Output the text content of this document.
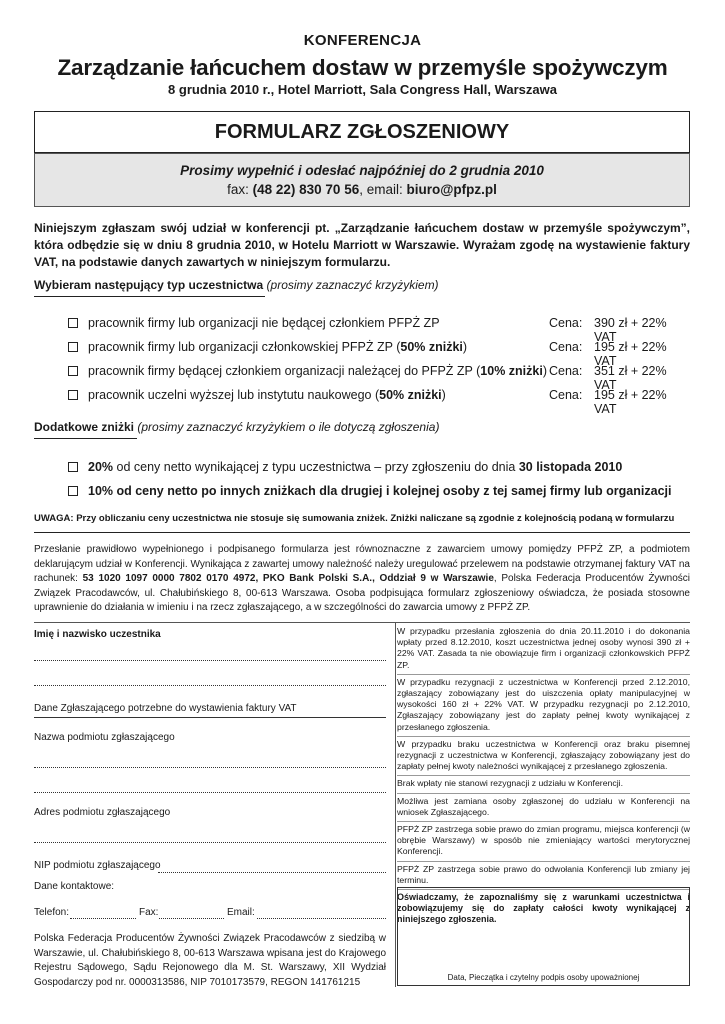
KONFERENCJA
Zarządzanie łańcuchem dostaw w przemyśle spożywczym
8 grudnia 2010 r., Hotel Marriott, Sala Congress Hall, Warszawa
FORMULARZ ZGŁOSZENIOWY
Prosimy wypełnić i odesłać najpóźniej do 2 grudnia 2010
fax: (48 22) 830 70 56, email: biuro@pfpz.pl
Niniejszym zgłaszam swój udział w konferencji pt. „Zarządzanie łańcuchem dostaw w przemyśle spożywczym”, która odbędzie się w dniu 8 grudnia 2010, w Hotelu Marriott w Warszawie. Wyrażam zgodę na wystawienie faktury VAT, na podstawie danych zawartych w niniejszym formularzu.
Wybieram następujący typ uczestnictwa (prosimy zaznaczyć krzyżykiem)
pracownik firmy lub organizacji nie będącej członkiem PFPŻ ZP	Cena: 390 zł + 22% VAT
pracownik firmy lub organizacji członkowskiej PFPŻ ZP (50% zniżki)	Cena: 195 zł + 22% VAT
pracownik firmy będącej członkiem organizacji należącej do PFPŻ ZP (10% zniżki) Cena: 351 zł + 22% VAT
pracownik uczelni wyższej lub instytutu naukowego (50% zniżki)	Cena: 195 zł + 22% VAT
Dodatkowe zniżki (prosimy zaznaczyć krzyżykiem o ile dotyczą zgłoszenia)
20% od ceny netto wynikającej z typu uczestnictwa – przy zgłoszeniu do dnia 30 listopada 2010
10% od ceny netto po innych zniżkach dla drugiej i kolejnej osoby z tej samej firmy lub organizacji
UWAGA: Przy obliczaniu ceny uczestnictwa nie stosuje się sumowania zniżek. Zniżki naliczane są zgodnie z kolejnością podaną w formularzu
Przesłanie prawidłowo wypełnionego i podpisanego formularza jest równoznaczne z zawarciem umowy pomiędzy PFPŻ ZP, a podmiotem deklarującym udział w Konferencji. Wynikająca z zawartej umowy należność należy uregulować przelewem na podstawie otrzymanej faktury VAT na rachunek: 53 1020 1097 0000 7802 0170 4972, PKO Bank Polski S.A., Oddział 9 w Warszawie, Polska Federacja Producentów Żywności Związek Pracodawców, ul. Chałubińskiego 8, 00-613 Warszawa. Osoba podpisująca formularz zgłoszeniowy oświadcza, że posiada stosowne uprawnienie do działania w imieniu i na rzecz zgłaszającego, a w szczególności do zawarcia umowy z PFPŻ ZP.
Imię i nazwisko uczestnika
Dane Zgłaszającego potrzebne do wystawienia faktury VAT
Nazwa podmiotu zgłaszającego
Adres podmiotu zgłaszającego
NIP podmiotu zgłaszającego
Dane kontaktowe:
Telefon:	Fax:	Email:
Polska Federacja Producentów Żywności Związek Pracodawców z siedzibą w Warszawie, ul. Chałubińskiego 8, 00-613 Warszawa wpisana jest do Krajowego Rejestru Sądowego, Sądu Rejonowego dla M. St. Warszawy, XII Wydział Gospodarczy pod nr. 0000313586, NIP 7010173579, REGON 141761215

W przypadku przesłania zgłoszenia do dnia 20.11.2010 i do dokonania wpłaty przed 8.12.2010, koszt uczestnictwa jednej osoby wynosi 390 zł + 22% VAT. Zasada ta nie obowiązuje firm i organizacji członkowskich PFPŻ ZP.

W przypadku rezygnacji z uczestnictwa w Konferencji przed 2.12.2010, zgłaszający zobowiązany jest do uiszczenia opłaty manipulacyjnej w wysokości 160 zł + 22% VAT. W przypadku rezygnacji po 2.12.2010, Zgłaszający zobowiązany jest do zapłaty pełnej kwoty wynikającej z przesłanego zgłoszenia.

W przypadku braku uczestnictwa w Konferencji oraz braku pisemnej rezygnacji z uczestnictwa w Konferencji, zgłaszający zobowiązany jest do zapłaty pełnej kwoty należności wynikającej z przesłanego zgłoszenia.

Brak wpłaty nie stanowi rezygnacji z udziału w Konferencji.

Możliwa jest zamiana osoby zgłaszonej do udziału w Konferencji na wniosek Zgłaszającego.

PFPŻ ZP zastrzega sobie prawo do zmian programu, miejsca konferencji (w obrębie Warszawy) w sposób nie zmieniający wartości merytorycznej Konferencji.

PFPŻ ZP zastrzega sobie prawo do odwołania Konferencji lub zmiany jej terminu.

Oświadczamy, że zapoznaliśmy się z warunkami uczestnictwa i zobowiązujemy się do zapłaty całości kwoty wynikającej z niniejszego zgłoszenia.

Data, Pieczątka i czytelny podpis osoby upoważnionej
